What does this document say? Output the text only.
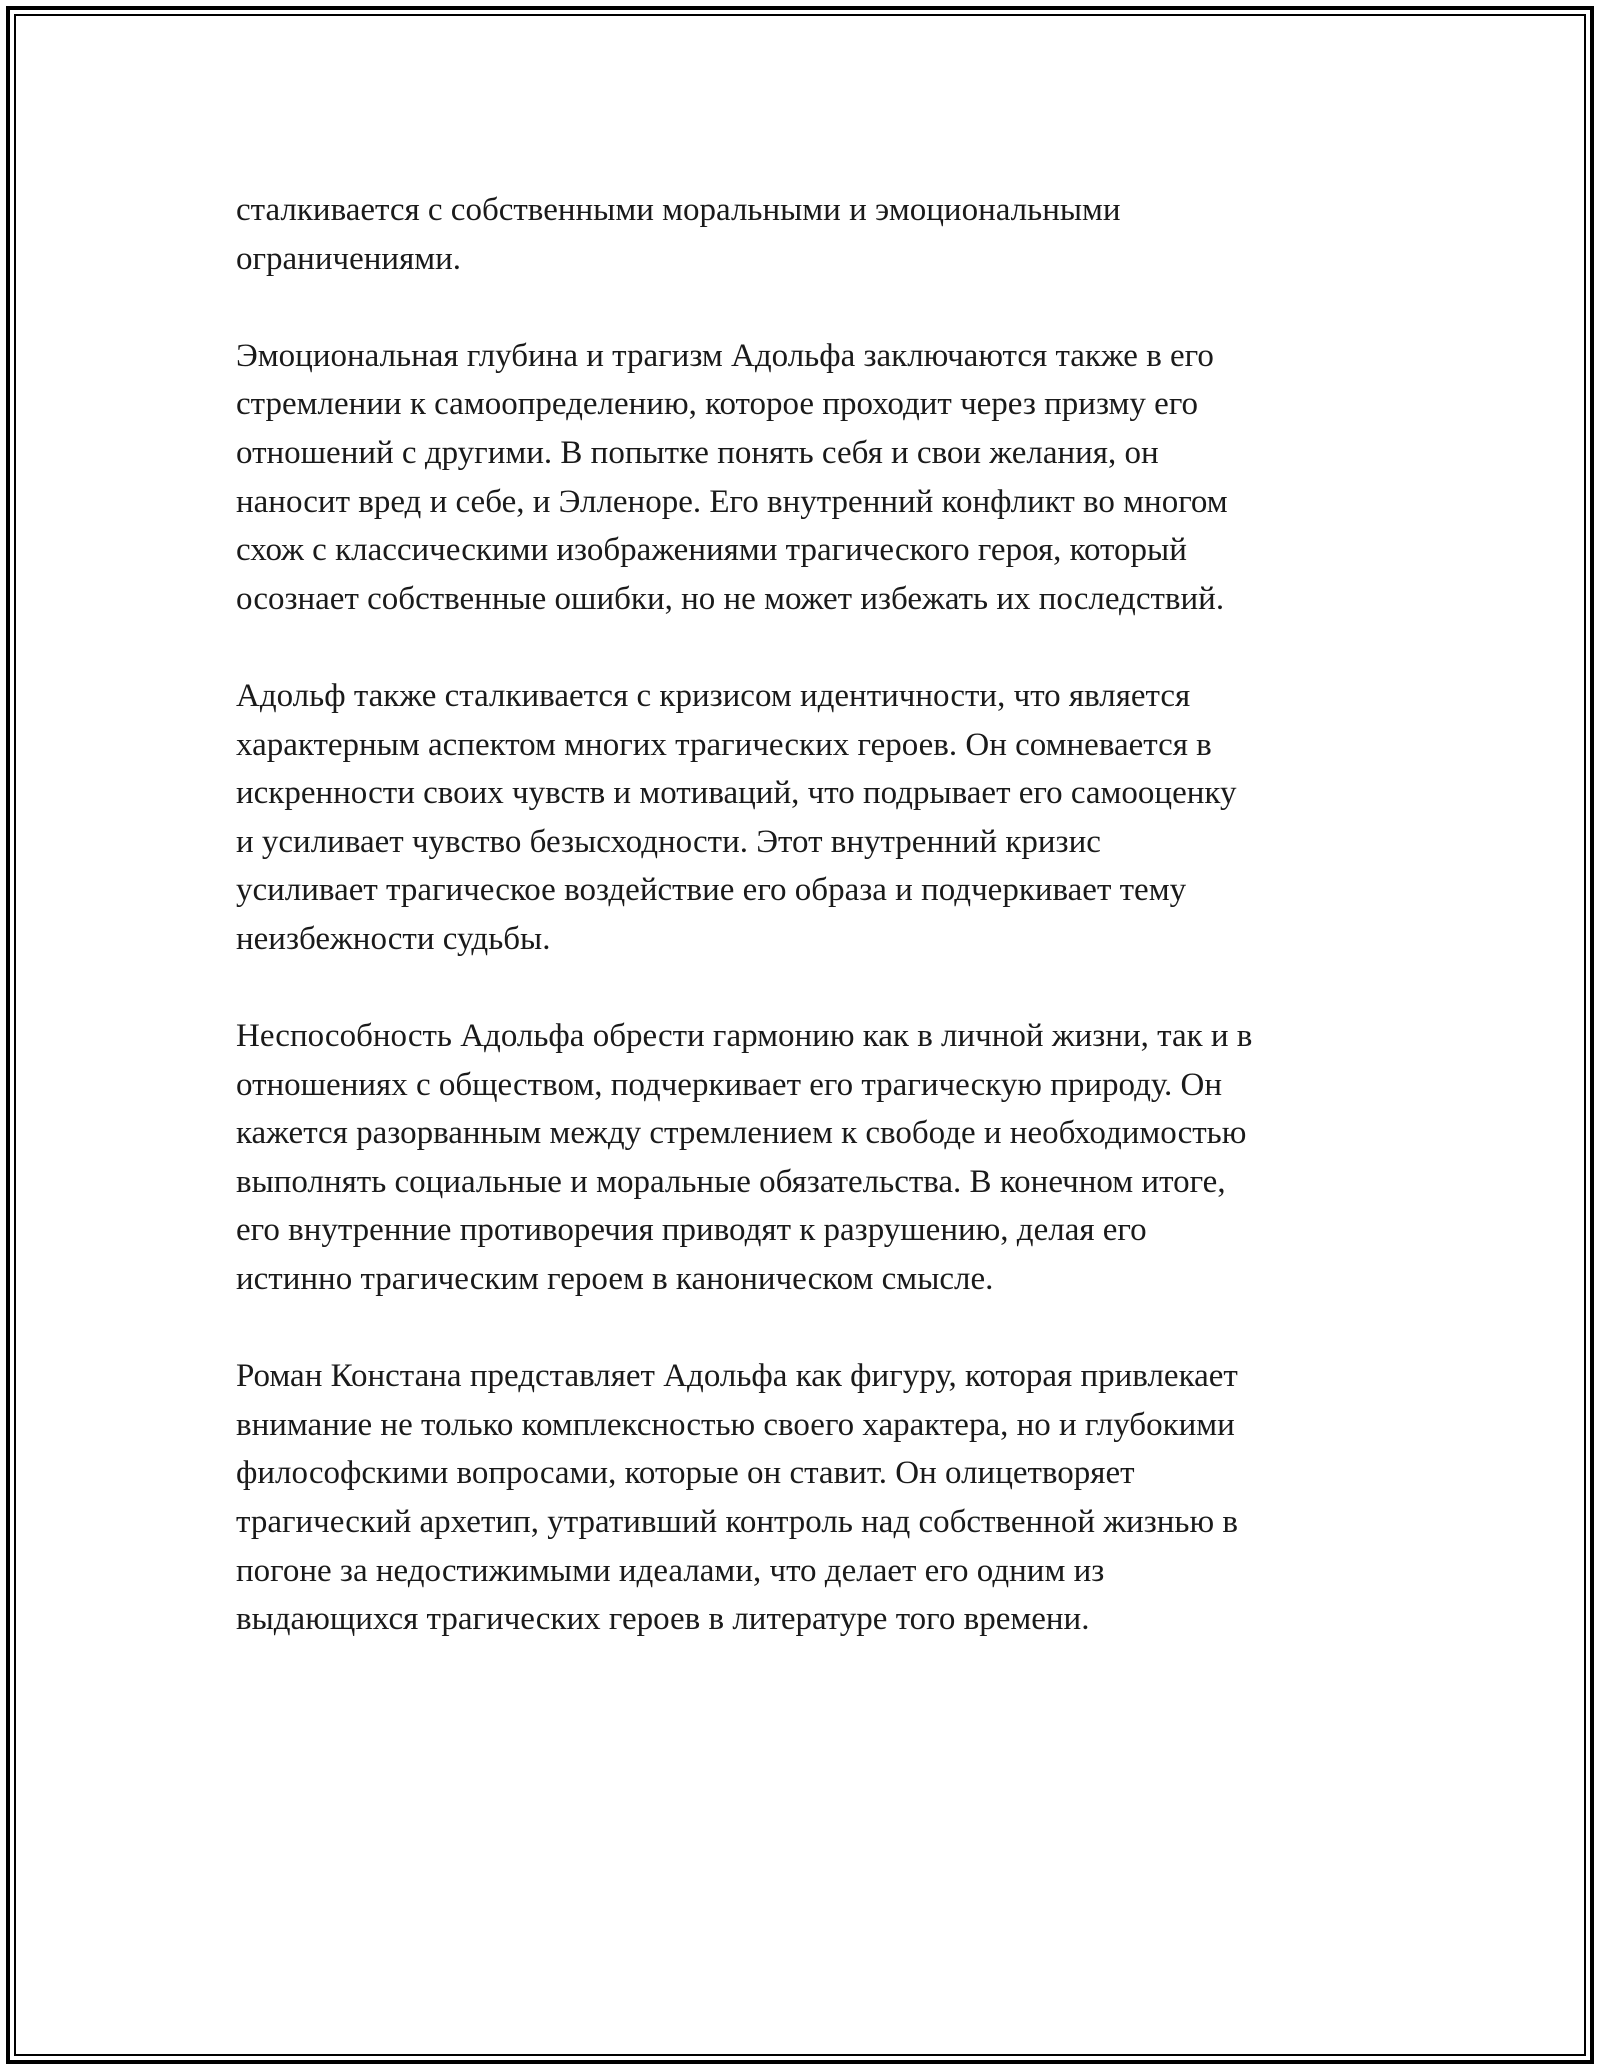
сталкивается с собственными моральными и эмоциональными
ограничениями.

Эмоциональная глубина и трагизм Адольфа заключаются также в его
стремлении к самоопределению, которое проходит через призму его
отношений с другими. В попытке понять себя и свои желания, он
наносит вред и себе, и Элленоре. Его внутренний конфликт во многом
схож с классическими изображениями трагического героя, который
осознает собственные ошибки, но не может избежать их последствий.

Адольф также сталкивается с кризисом идентичности, что является
характерным аспектом многих трагических героев. Он сомневается в
искренности своих чувств и мотиваций, что подрывает его самооценку
и усиливает чувство безысходности. Этот внутренний кризис
усиливает трагическое воздействие его образа и подчеркивает тему
неизбежности судьбы.

Неспособность Адольфа обрести гармонию как в личной жизни, так и в
отношениях с обществом, подчеркивает его трагическую природу. Он
кажется разорванным между стремлением к свободе и необходимостью
выполнять социальные и моральные обязательства. В конечном итоге,
его внутренние противоречия приводят к разрушению, делая его
истинно трагическим героем в каноническом смысле.

Роман Констана представляет Адольфа как фигуру, которая привлекает
внимание не только комплексностью своего характера, но и глубокими
философскими вопросами, которые он ставит. Он олицетворяет
трагический архетип, утративший контроль над собственной жизнью в
погоне за недостижимыми идеалами, что делает его одним из
выдающихся трагических героев в литературе того времени.
